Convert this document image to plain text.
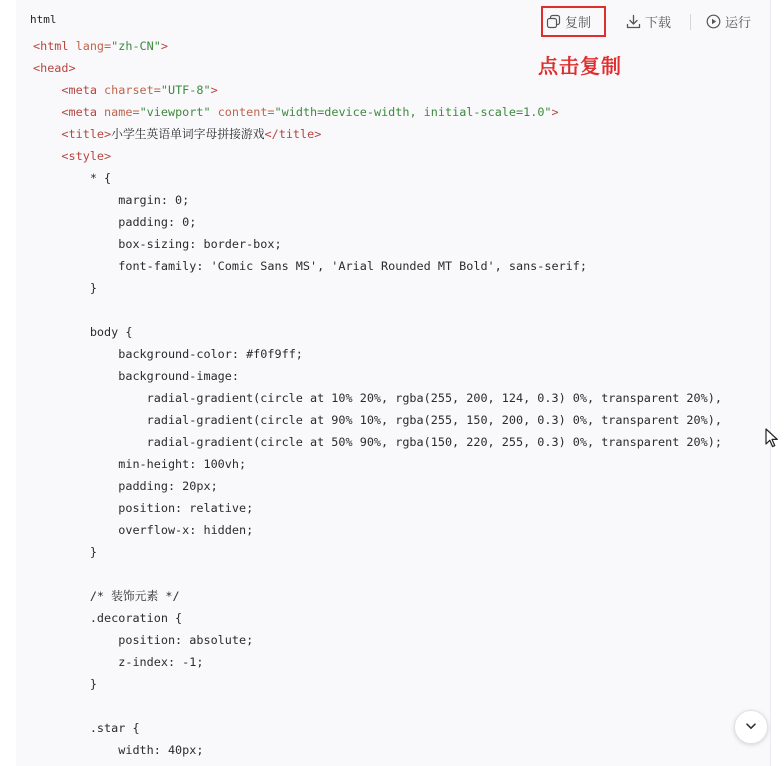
html	复制	下载	运行
点击复制
<html lang="zh-CN">
<head>
<meta charset="UTF-8">
<meta name="viewport" content="width=device-width, initial-scale=1.0">
<title>小学生英语单词字母拼接游戏</title>
<style>
* {
margin: 0;
padding: 0;
box-sizing: border-box;
font-family: 'Comic Sans MS', 'Arial Rounded MT Bold', sans-serif;
}
body {
background-color: #f0f9ff;
background-image:
radial-gradient(circle at 10% 20%, rgba(255, 200, 124, 0.3) 0%, transparent 20%),
radial-gradient(circle at 90% 10%, rgba(255, 150, 200, 0.3) 0%, transparent 20%),
radial-gradient(circle at 50% 90%, rgba(150, 220, 255, 0.3) 0%, transparent 20%);
min-height: 100vh;
padding: 20px;
position: relative;
overflow-x: hidden;
}
/* 装饰元素 */
.decoration {
position: absolute;
z-index: -1;
}
.star {
width: 40px;
